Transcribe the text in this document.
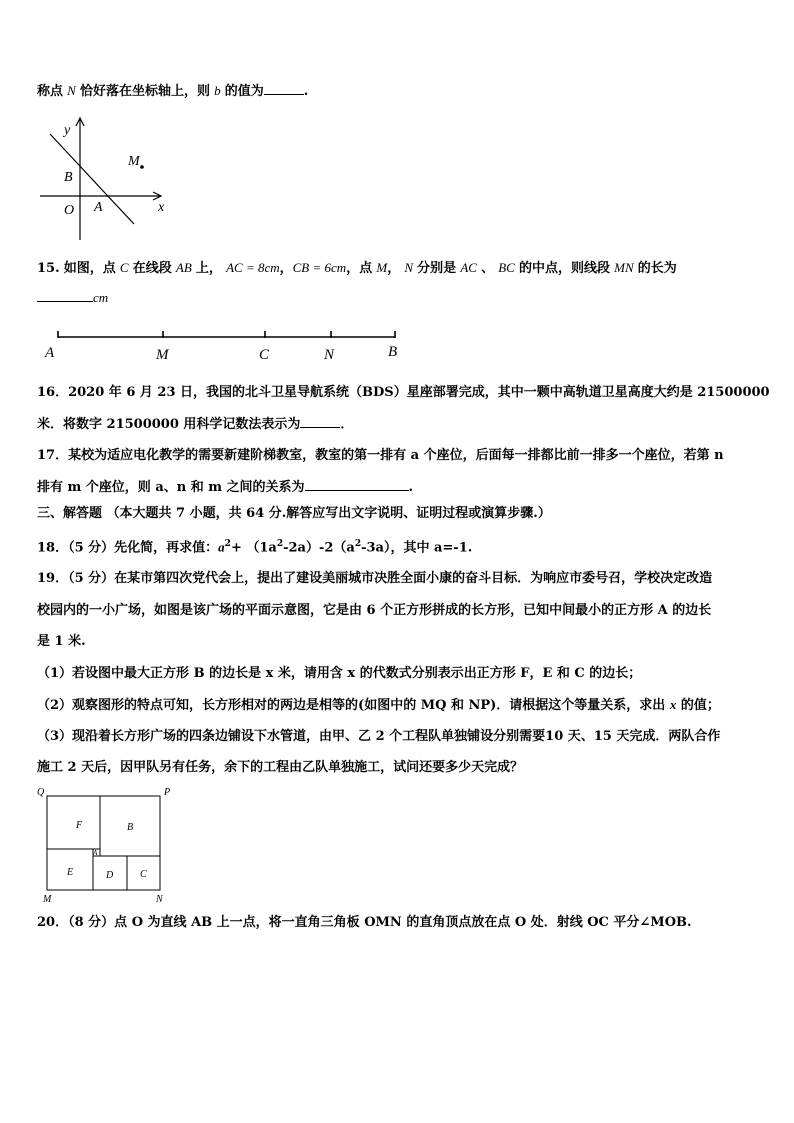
称点 N 恰好落在坐标轴上，则 b 的值为	.
y
x
O A
B
M
15. 如图，点 C 在线段 AB 上， AC = 8cm，CB = 6cm，点 M， N 分别是 AC 、 BC 的中点，则线段 MN 的长为
cm
A	M	C	N	B
16．2020 年 6 月 23 日，我国的北斗卫星导航系统（BDS）星座部署完成，其中一颗中高轨道卫星高度大约是 21500000
米．将数字 21500000 用科学记数法表示为	．
17．某校为适应电化教学的需要新建阶梯教室，教室的第一排有 a 个座位，后面每一排都比前一排多一个座位，若第 n
排有 m 个座位，则 a、n 和 m 之间的关系为	.
三、解答题 （本大题共 7 小题，共 64 分.解答应写出文字说明、证明过程或演算步骤.）
18．（5 分）先化简，再求值：$a^2+ (1a^2-2a)-2(a^2-3a)$，其中 a=-1.
19．（5 分）在某市第四次党代会上，提出了建设美丽城市决胜全面小康的奋斗目标．为响应市委号召，学校决定改造
校园内的一小广场，如图是该广场的平面示意图，它是由 6 个正方形拼成的长方形，已知中间最小的正方形 A 的边长
是 1 米.
（1）若设图中最大正方形 B 的边长是 x 米，请用含 x 的代数式分别表示出正方形 F，E 和 C 的边长；
（2）观察图形的特点可知，长方形相对的两边是相等的(如图中的 MQ 和 NP)．请根据这个等量关系，求出 x 的值；
（3）现沿着长方形广场的四条边铺设下水管道，由甲、乙 2 个工程队单独铺设分别需要10 天、15 天完成．两队合作
施工 2 天后，因甲队另有任务，余下的工程由乙队单独施工，试问还要多少天完成？
Q	P
M	N
F	B
A
E	D	C
20．（8 分）点 O 为直线 AB 上一点，将一直角三角板 OMN 的直角顶点放在点 O 处．射线 OC 平分∠MOB.
